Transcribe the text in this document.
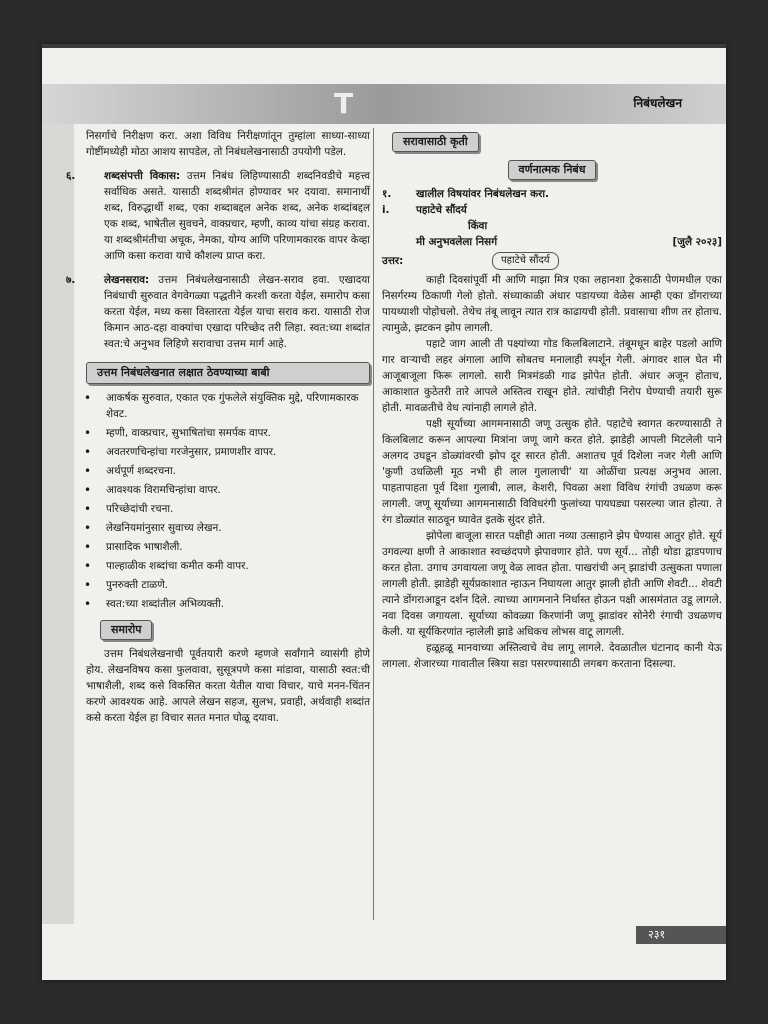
T	निबंधलेखन

निसर्गाचे निरीक्षण करा. अशा विविध निरीक्षणांतून तुम्हांला साध्या-साध्या गोष्टींमध्येही मोठा आशय सापडेल, तो निबंधलेखनासाठी उपयोगी पडेल.

६.	शब्दसंपत्ती विकास: उत्तम निबंध लिहिण्यासाठी शब्दनिवडीचे महत्त्व सर्वाधिक असते. यासाठी शब्दश्रीमंत होण्यावर भर दयावा. समानार्थी शब्द, विरुद्धार्थी शब्द, एका शब्दाबद्दल अनेक शब्द, अनेक शब्दांबद्दल एक शब्द, भाषेतील सुवचने, वाक्प्रचार, म्हणी, काव्य यांचा संग्रह करावा. या शब्दश्रीमंतीचा अचूक, नेमका, योग्य आणि परिणामकारक वापर केव्हा आणि कसा करावा याचे कौशल्य प्राप्त करा.

७.	लेखनसराव: उत्तम निबंधलेखनासाठी लेखन-सराव हवा. एखादया निबंधाची सुरुवात वेगवेगळ्या पद्धतीने करशी करता येईल, समारोप कसा करता येईल, मध्य कसा विस्तारता येईल याचा सराव करा. यासाठी रोज किमान आठ-दहा वाक्यांचा एखादा परिच्छेद तरी लिहा. स्वत:च्या शब्दांत स्वत:चे अनुभव लिहिणे सरावाचा उत्तम मार्ग आहे.

उत्तम निबंधलेखनात लक्षात ठेवण्याच्या बाबी
• आकर्षक सुरुवात, एकात एक गुंफलेले संयुक्तिक मुद्दे, परिणामकारक शेवट.
• म्हणी, वाक्प्रचार, सुभाषितांचा समर्पक वापर.
• अवतरणचिन्हांचा गरजेनुसार, प्रमाणशीर वापर.
• अर्थपूर्ण शब्दरचना.
• आवश्यक विरामचिन्हांचा वापर.
• परिच्छेदांची रचना.
• लेखनियमांनुसार सुवाच्य लेखन.
• प्रासादिक भाषाशैली.
• पाल्हाळीक शब्दांचा कमीत कमी वापर.
• पुनरुक्ती टाळणे.
• स्वत:च्या शब्दांतील अभिव्यक्ती.
समारोप

उत्तम निबंधलेखनाची पूर्वतयारी करणे म्हणजे सर्वांगाने व्यासंगी होणे होय. लेखनविषय कसा फुलवावा, सुसूत्रपणे कसा मांडावा, यासाठी स्वत:ची भाषाशैली, शब्द कसे विकसित करता येतील याचा विचार, याचे मनन-चिंतन करणे आवश्यक आहे. आपले लेखन सहज, सुलभ, प्रवाही, अर्थवाही शब्दांत कसे करता येईल हा विचार सतत मनात घोळू दयावा.

सरावासाठी कृती
वर्णनात्मक निबंध
१.	खालील विषयांवर निबंधलेखन करा.
i.	पहाटेचे सौंदर्य
किंवा
मी अनुभवलेला निसर्ग	[जुलै २०२३]
उत्तर:	पहाटेचे सौंदर्य

काही दिवसांपूर्वी मी आणि माझा मित्र एका लहानशा ट्रेकसाठी पेणमधील एका निसर्गरम्य ठिकाणी गेलो होतो. संध्याकाळी अंधार पडायच्या वेळेस आम्ही एका डोंगराच्या पायथ्याशी पोहोचलो. तेथेच तंबू लावून त्यात रात्र काढायची होती. प्रवासाचा शीण तर होताच. त्यामुळे, झटकन झोप लागली.

पहाटे जाग आली ती पक्ष्यांच्या गोड किलबिलाटाने. तंबूमधून बाहेर पडलो आणि गार वाऱ्याची लहर अंगाला आणि सोबतच मनालाही स्पर्शून गेली. अंगावर शाल घेत मी आजूबाजूला फिरू लागलो. सारी मित्रमंडळी गाढ झोपेत होती. अंधार अजून होताच, आकाशात कुठेतरी तारे आपले अस्तित्व राखून होते. त्यांचीही निरोप घेण्याची तयारी सुरू होती. मावळतीचे वेध त्यांनाही लागले होते.

पक्षी सूर्याच्या आगमनासाठी जणू उत्सुक होते. पहाटेचे स्वागत करण्यासाठी ते किलबिलाट करून आपल्या मित्रांना जणू जागे करत होते. झाडेही आपली मिटलेली पाने अलगद उघडून डोळ्यांवरची झोप दूर सारत होती. अशातच पूर्व दिशेला नजर गेली आणि 'कुणी उधळिली मूठ नभी ही लाल गुलालाची' या ओळींचा प्रत्यक्ष अनुभव आला. पाहतापाहता पूर्व दिशा गुलाबी, लाल, केशरी, पिवळा अशा विविध रंगांची उधळण करू लागली. जणू सूर्याच्या आगमनासाठी विविधरंगी फुलांच्या पायघड्या पसरल्या जात होत्या. ते रंग डोळ्यांत साठवून घ्यावेत इतके सुंदर होते.

झोपेला बाजूला सारत पक्षीही आता नव्या उत्साहाने झेप घेण्यास आतुर होते. सूर्य उगवल्या क्षणी ते आकाशात स्वच्छंदपणे झेपावणार होते. पण सूर्य... तोही थोडा द्वाडपणाच करत होता. उगाच उगवायला जणू वेळ लावत होता. पाखरांची अन् झाडांची उत्सुकता पणाला लागली होती. झाडेही सूर्यप्रकाशात न्हाऊन निघायला आतुर झाली होती आणि शेवटी... शेवटी त्याने डोंगराआडून दर्शन दिले. त्याच्या आगमनाने निर्धास्त होऊन पक्षी आसमंतात उडू लागले. नवा दिवस जगायला. सूर्याच्या कोवळ्या किरणांनी जणू झाडांवर सोनेरी रंगाची उधळणच केली. या सूर्यकिरणांत न्हालेली झाडे अधिकच लोभस वाटू लागली.

हळूहळू मानवाच्या अस्तित्वाचे वेध लागू लागले. देवळातील घंटानाद कानी येऊ लागला. शेजारच्या गावातील स्त्रिया सडा पसरण्यासाठी लगबग करताना दिसल्या.

२३१
